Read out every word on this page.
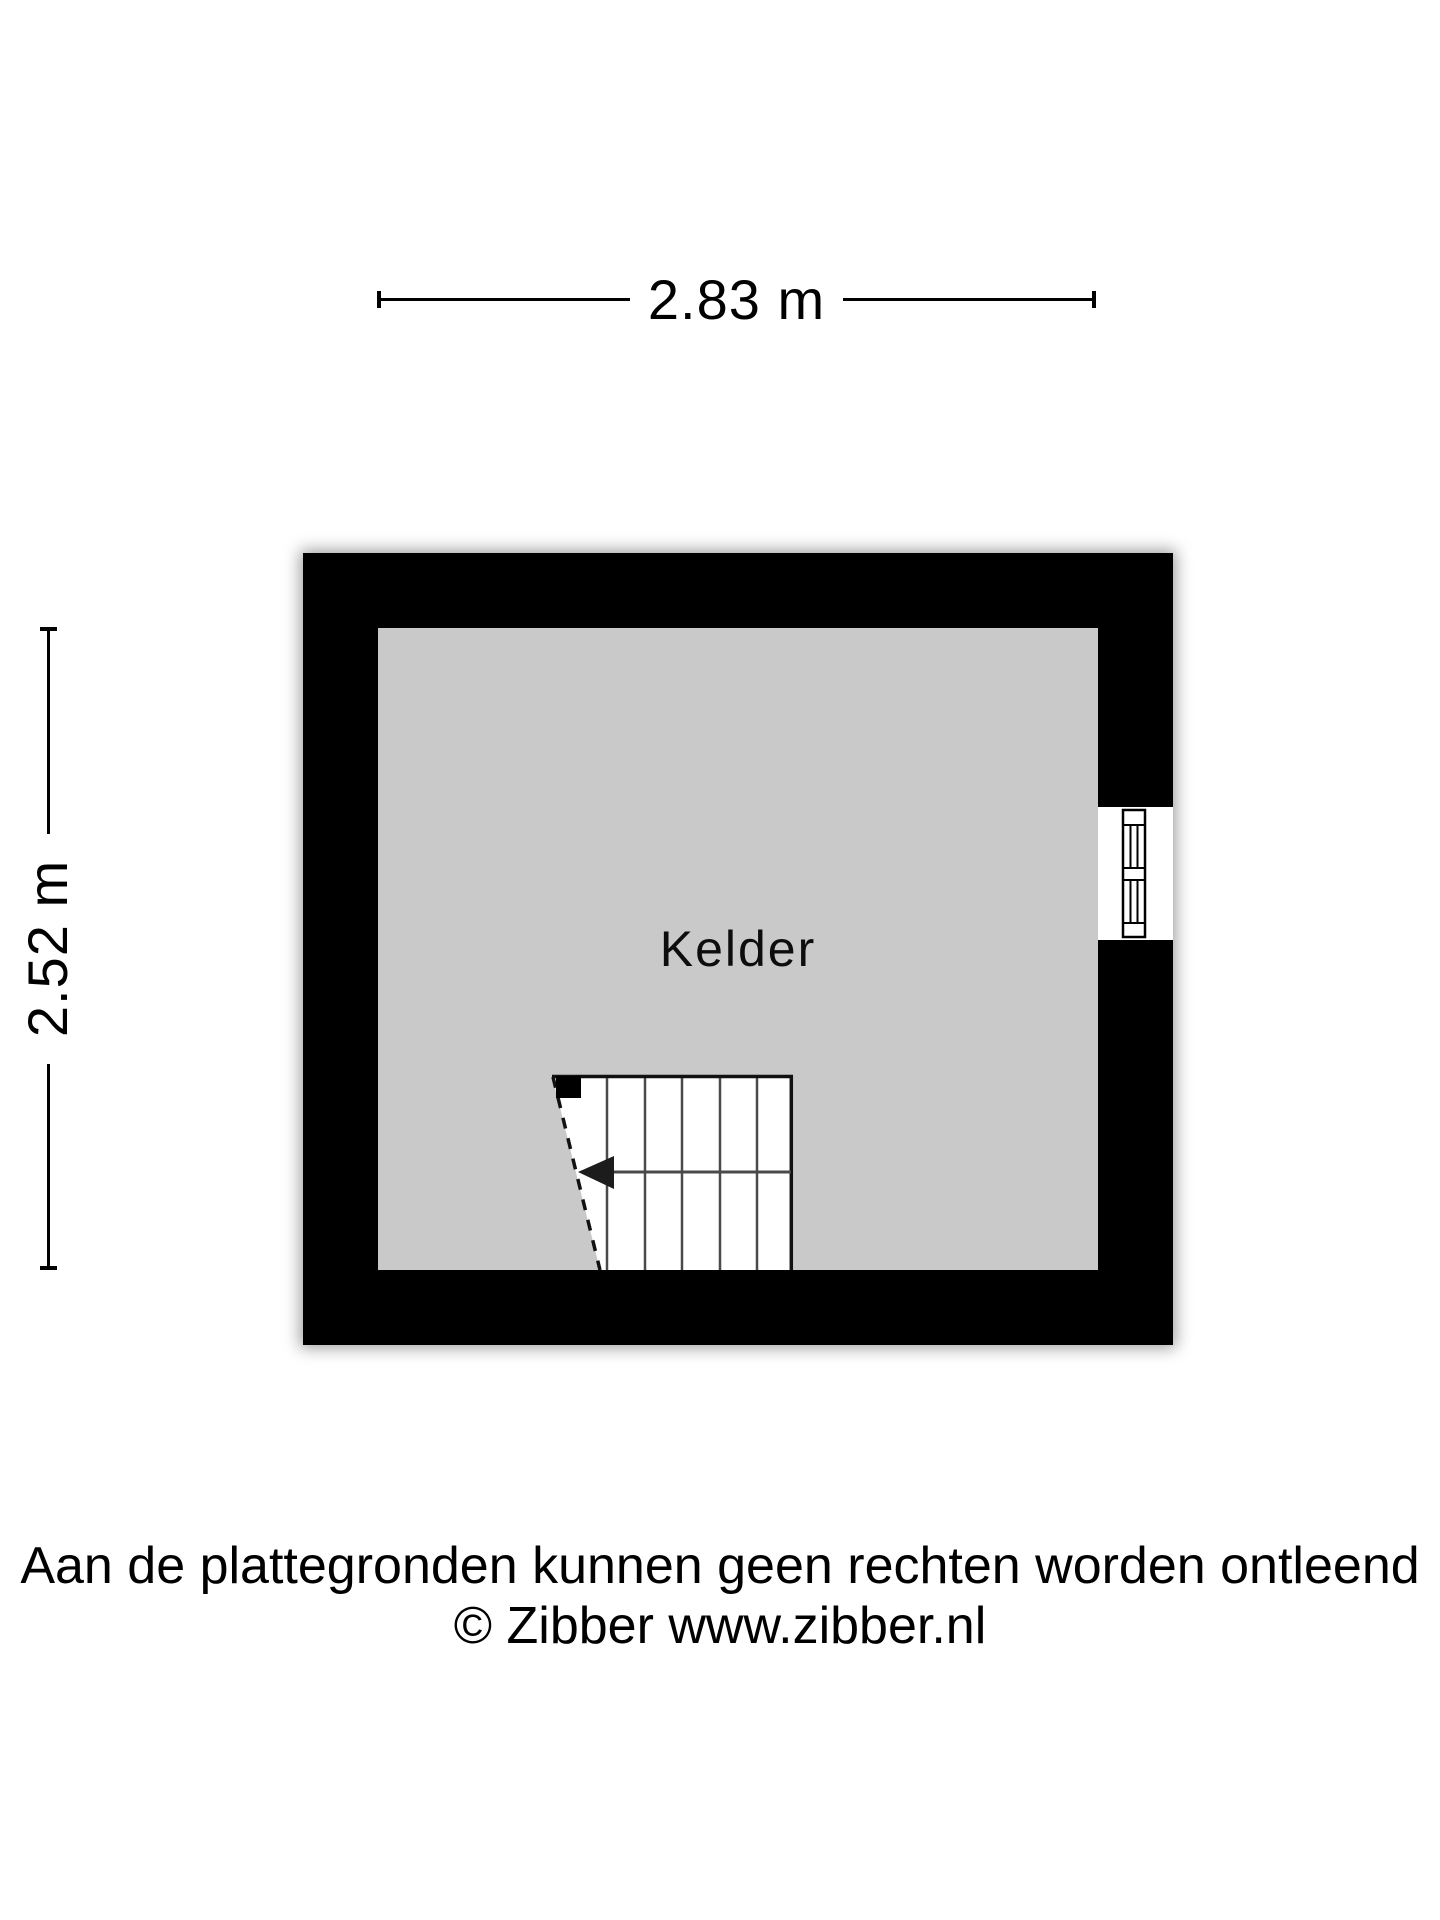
2.83 m
2.52 m	Kelder
Aan de plattegronden kunnen geen rechten worden ontleend
© Zibber www.zibber.nl
